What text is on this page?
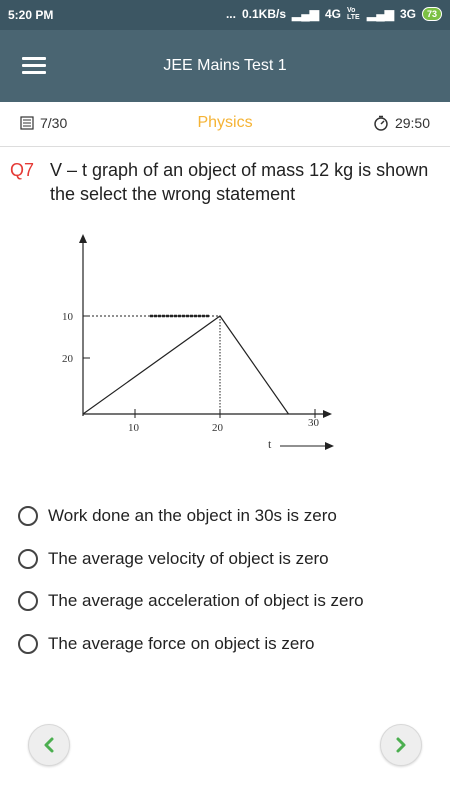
5:20 PM	... 0.1KB/s ▂▄▆ 4G Vo LTE ▂▄▆ 3G	73
JEE Mains Test 1
7/30	Physics	29:50
Q7 V – t graph of an object of mass 12 kg is shown the select the wrong statement
20
10
10	20	30
t
Work done an the object in 30s is zero
The average velocity of object is zero
The average acceleration of object is zero
The average force on object is zero
